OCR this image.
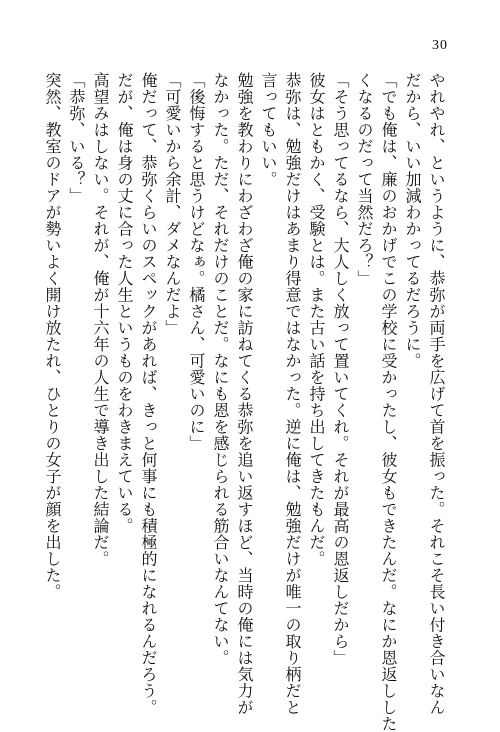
30

やれやれ、というように、恭弥が両手を広げて首を振った。それこそ長い付き合いなん

だから、いい加減わかってるだろうに。

「でも俺は、廉のおかげでこの学校に受かったし、彼女もできたんだ。なにか恩返しした

くなるのだって当然だろ？」

「そう思ってるなら、大人しく放って置いてくれ。それが最高の恩返しだから」

彼女はともかく、受験とは。また古い話を持ち出してきたもんだ。

恭弥は、勉強だけはあまり得意ではなかった。逆に俺は、勉強だけが唯一の取り柄だと

言ってもいい。

勉強を教わりにわざわざ俺の家に訪ねてくる恭弥を追い返すほど、当時の俺には気力が

なかった。ただ、それだけのことだ。なにも恩を感じられる筋合いなんてない。

「後悔すると思うけどなぁ。橘さん、可愛いのに」

「可愛いから余計、ダメなんだよ」

俺だって、恭弥くらいのスペックがあれば、きっと何事にも積極的になれるんだろう。

だが、俺は身の丈に合った人生というものをわきまえている。

高望みはしない。それが、俺が十六年の人生で導き出した結論だ。

「恭弥、いる？」

突然、教室のドアが勢いよく開け放たれ、ひとりの女子が顔を出した。
